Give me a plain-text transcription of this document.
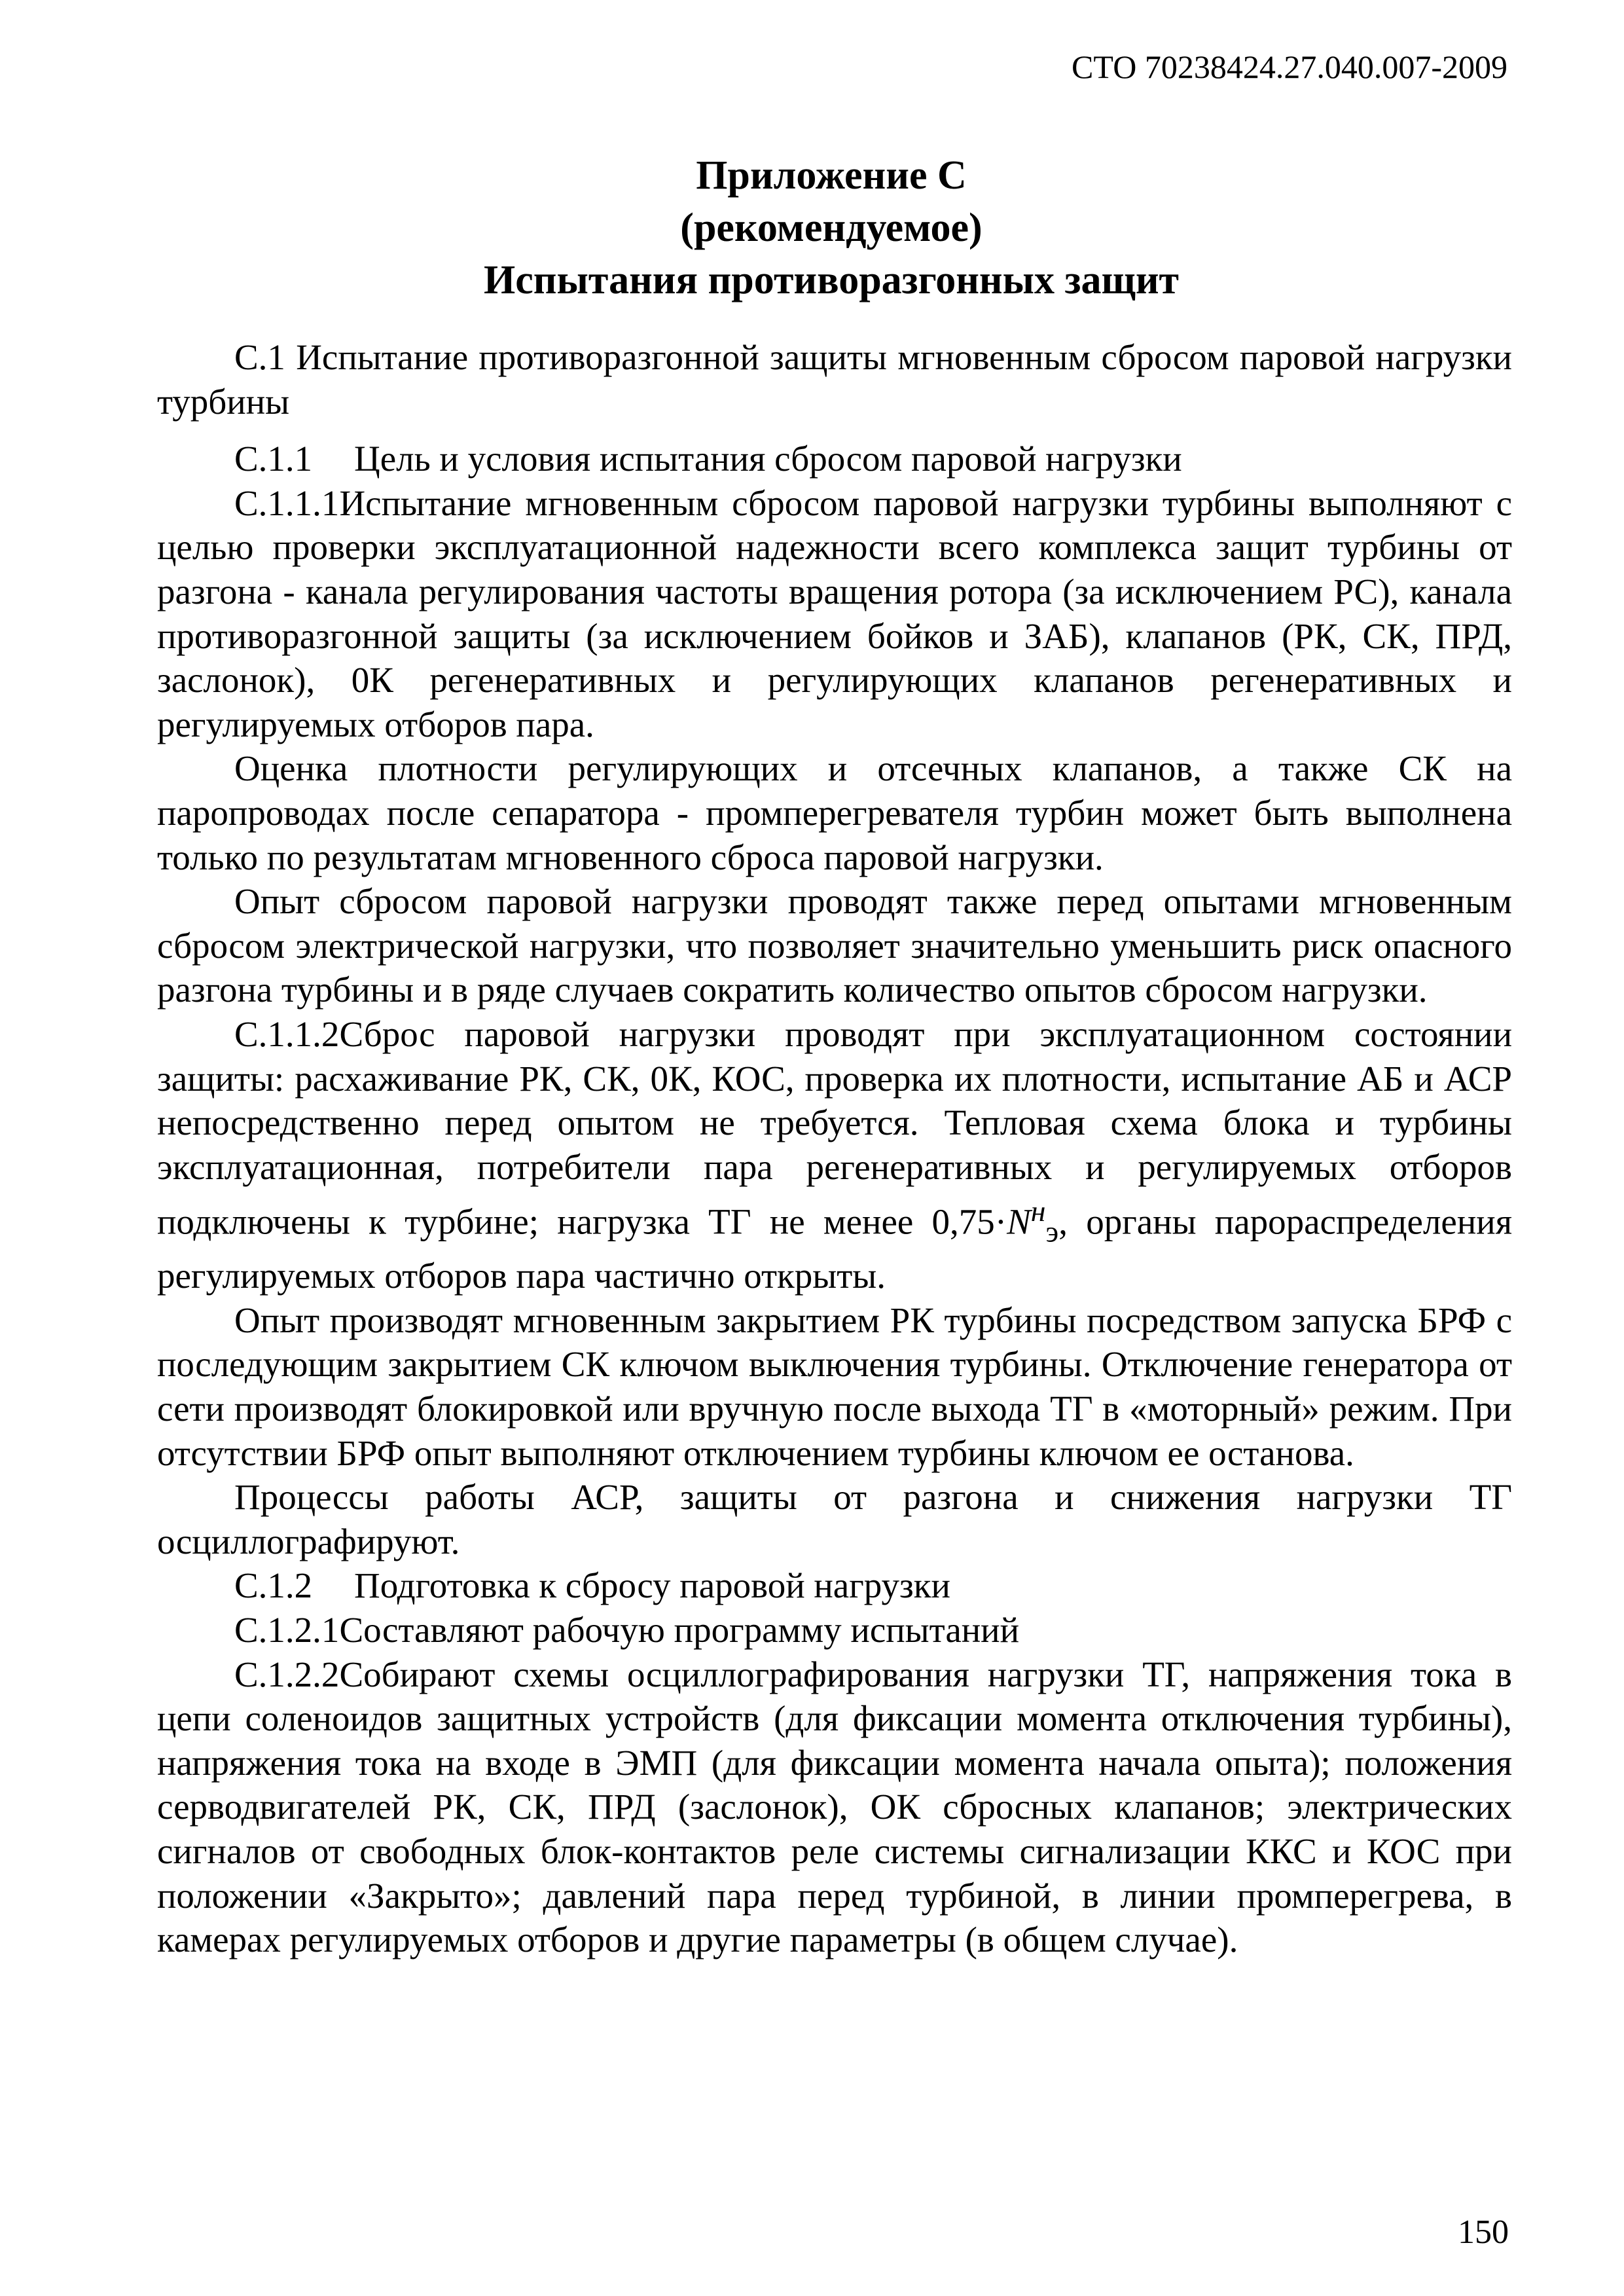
СТО 70238424.27.040.007-2009
Приложение С
(рекомендуемое)
Испытания противоразгонных защит

С.1 Испытание противоразгонной защиты мгновенным сбросом паровой нагрузки турбины

С.1.1 Цель и условия испытания сбросом паровой нагрузки

С.1.1.1Испытание мгновенным сбросом паровой нагрузки турбины выполняют с целью проверки эксплуатационной надежности всего комплекса защит турбины от разгона - канала регулирования частоты вращения ротора (за исключением РС), канала противоразгонной защиты (за исключением бойков и ЗАБ), клапанов (РК, СК, ПРД, заслонок), 0К регенеративных и регулирующих клапанов регенеративных и регулируемых отборов пара.

Оценка плотности регулирующих и отсечных клапанов, а также СК на паропроводах после сепаратора - промперегревателя турбин может быть выполнена только по результатам мгновенного сброса паровой нагрузки.

Опыт сбросом паровой нагрузки проводят также перед опытами мгновенным сбросом электрической нагрузки, что позволяет значительно уменьшить риск опасного разгона турбины и в ряде случаев сократить количество опытов сбросом нагрузки.

С.1.1.2Сброс паровой нагрузки проводят при эксплуатационном состоянии защиты: расхаживание РК, СК, 0К, КОС, проверка их плотности, испытание АБ и АСР непосредственно перед опытом не требуется. Тепловая схема блока и турбины эксплуатационная, потребители пара регенеративных и регулируемых отборов подключены к турбине; нагрузка ТГ не менее $0,75\cdot N^н_э$, органы парораспределения регулируемых отборов пара частично открыты.

Опыт производят мгновенным закрытием РК турбины посредством запуска БРФ с последующим закрытием СК ключом выключения турбины. Отключение генератора от сети производят блокировкой или вручную после выхода ТГ в «моторный» режим. При отсутствии БРФ опыт выполняют отключением турбины ключом ее останова.

Процессы работы АСР, защиты от разгона и снижения нагрузки ТГ осциллографируют.

С.1.2 Подготовка к сбросу паровой нагрузки

С.1.2.1Составляют рабочую программу испытаний

С.1.2.2Собирают схемы осциллографирования нагрузки ТГ, напряжения тока в цепи соленоидов защитных устройств (для фиксации момента отключения турбины), напряжения тока на входе в ЭМП (для фиксации момента начала опыта); положения серводвигателей РК, СК, ПРД (заслонок), ОК сбросных клапанов; электрических сигналов от свободных блок-контактов реле системы сигнализации ККС и КОС при положении «Закрыто»; давлений пара перед турбиной, в линии промперегрева, в камерах регулируемых отборов и другие параметры (в общем случае).

150
